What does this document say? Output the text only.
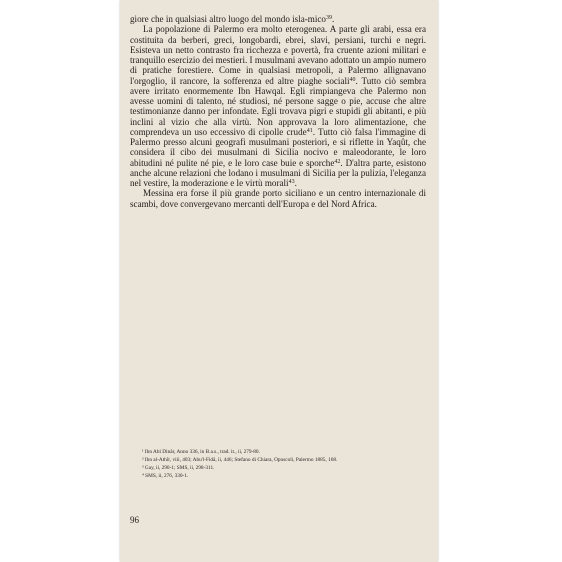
giore che in qualsiasi altro luogo del mondo isla-mico$^{39}$.

La popolazione di Palermo era molto eterogenea. A parte gli arabi, essa era costituita da berberi, greci, longobardi, ebrei, slavi, persiani, turchi e negri. Esisteva un netto contrasto fra ricchezza e povertà, fra cruente azioni militari e tranquillo esercizio dei mestieri. I musulmani avevano adottato un ampio numero di pratiche forestiere. Come in qualsiasi metropoli, a Palermo allignavano l'orgoglio, il rancore, la sofferenza ed altre piaghe sociali$^{40}$. Tutto ciò sembra avere irritato enormemente Ibn Hawqal. Egli rimpiangeva che Palermo non avesse uomini di talento, né studiosi, né persone sagge o pie, accuse che altre testimonianze danno per infondate. Egli trovava pigri e stupidi gli abitanti, e più inclini al vizio che alla virtù. Non approvava la loro alimentazione, che comprendeva un uso eccessivo di cipolle crude$^{41}$. Tutto ciò falsa l'immagine di Palermo presso alcuni geografi musulmani posteriori, e si riflette in Yaqût, che considera il cibo dei musulmani di Sicilia nocivo e maleodorante, le loro abitudini né pulite né pie, e le loro case buie e sporche$^{42}$. D'altra parte, esistono anche alcune relazioni che lodano i musulmani di Sicilia per la pulizia, l'eleganza nel vestire, la moderazione e le virtù morali$^{43}$.

Messina era forse il più grande porto siciliano e un centro internazionale di scambi, dove convergevano mercanti dell'Europa e del Nord Africa.

¹ Ibn Abi Dinâr, Anno 336, in B.a.s., trad. it., ii, 279-80.
² Ibn al-Athîr, viii, 403; Abu'l-Fidâ, ii, 446; Stefano di Chiara, Opuscoli, Palermo 1885, 168.
³ Gay, ii, 290-1; SMS, ii, 298-311.
⁴ SMS, ii, 276, 330-1.
96
